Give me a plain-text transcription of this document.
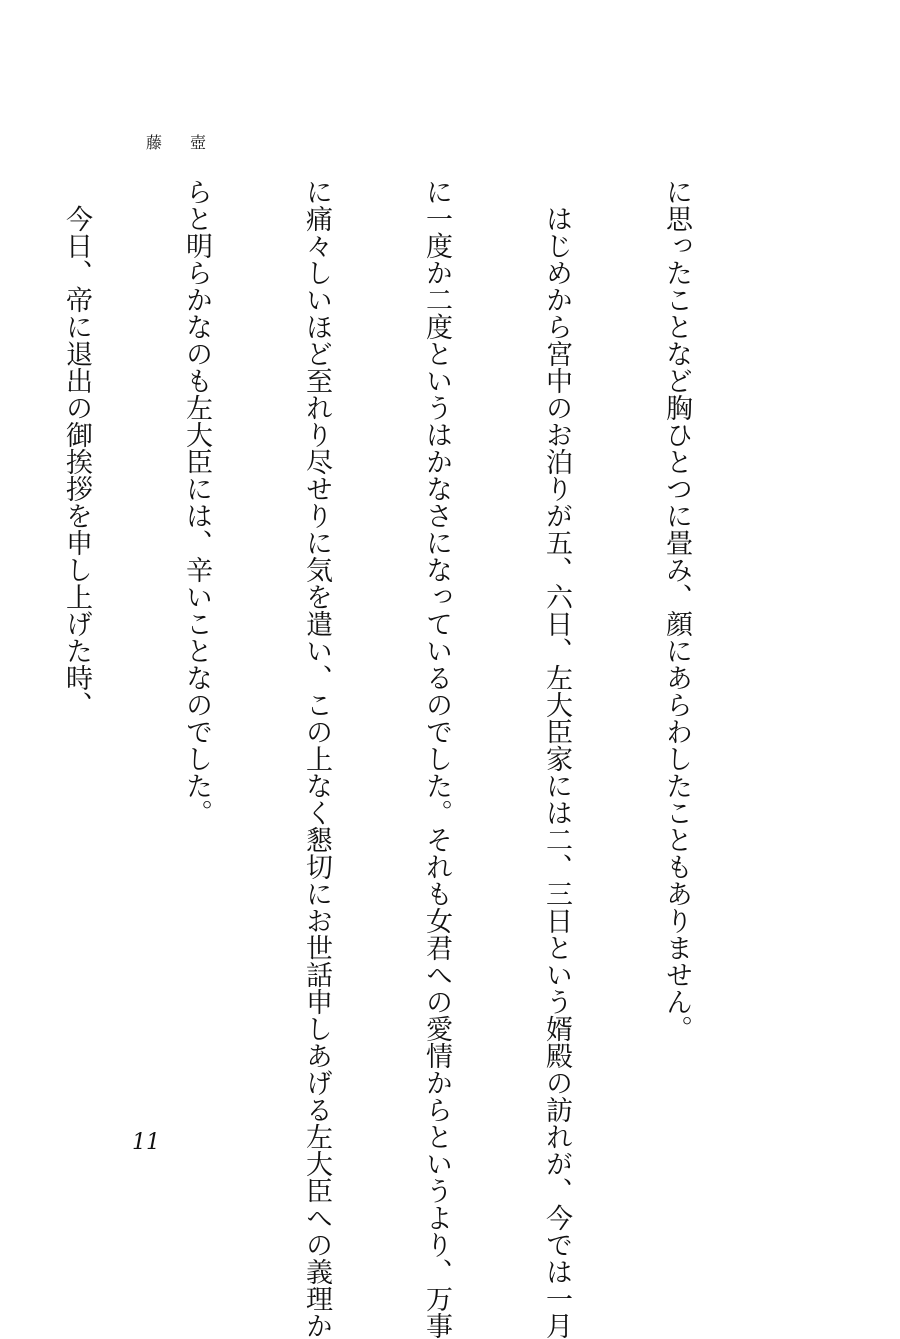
藤壺

に思ったことなど胸ひとつに畳み、顔にあらわしたこともありません。

　はじめから宮中のお泊りが五、六日、左大臣家には二、三日という婿殿の訪れが、今では一月

に一度か二度というはかなさになっているのでした。それも女君への愛情からというより、万事

に痛々しいほど至れり尽せりに気を遣い、この上なく懇切にお世話申しあげる左大臣への義理か

らと明らかなのも左大臣には、辛いことなのでした。

　今日、帝に退出の御挨拶を申し上げた時、

11
